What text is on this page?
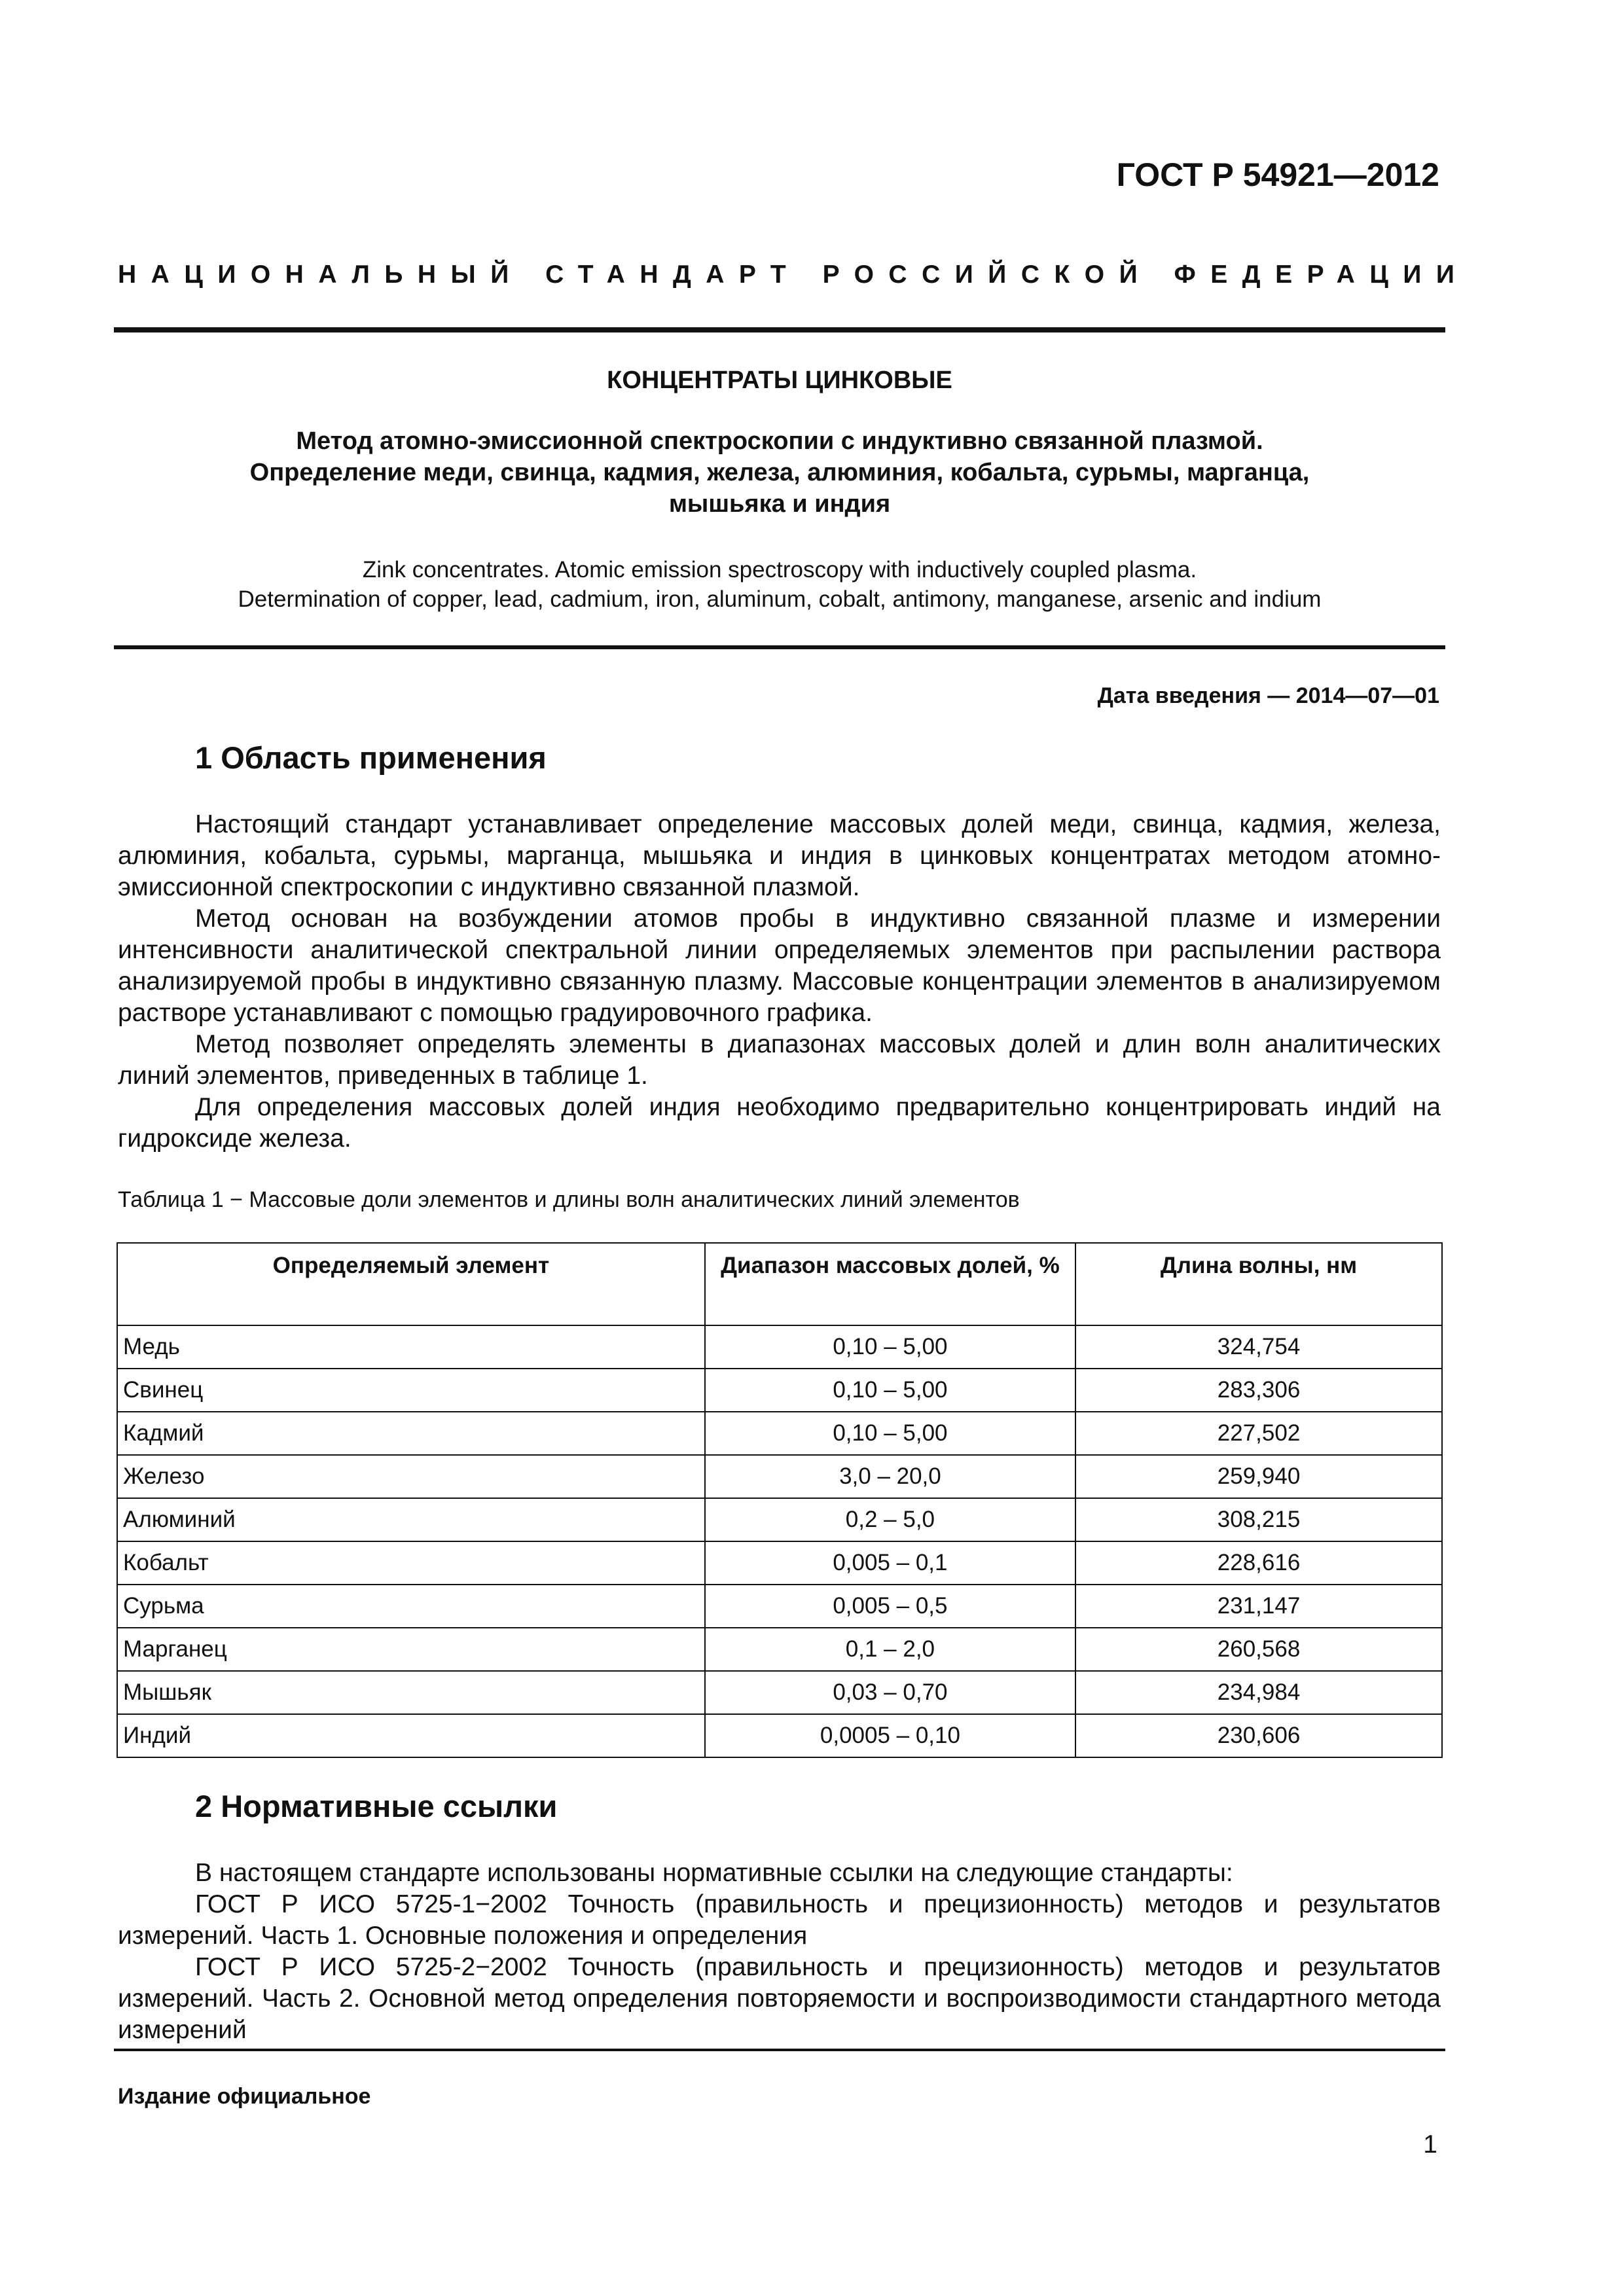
ГОСТ Р 54921—2012
НАЦИОНАЛЬНЫЙ СТАНДАРТ РОССИЙСКОЙ ФЕДЕРАЦИИ
КОНЦЕНТРАТЫ ЦИНКОВЫЕ
Метод атомно-эмиссионной спектроскопии с индуктивно связанной плазмой.
Определение меди, свинца, кадмия, железа, алюминия, кобальта, сурьмы, марганца,
мышьяка и индия
Zink concentrates. Atomic emission spectroscopy with inductively coupled plasma.
Determination of copper, lead, cadmium, iron, aluminum, cobalt, antimony, manganese, arsenic and indium
Дата введения — 2014—07—01
1 Область применения

Настоящий стандарт устанавливает определение массовых долей меди, свинца, кадмия, железа, алюминия, кобальта, сурьмы, марганца, мышьяка и индия в цинковых концентратах методом атомно-эмиссионной спектроскопии с индуктивно связанной плазмой.

Метод основан на возбуждении атомов пробы в индуктивно связанной плазме и измерении интенсивности аналитической спектральной линии определяемых элементов при распылении раствора анализируемой пробы в индуктивно связанную плазму. Массовые концентрации элементов в анализируемом растворе устанавливают с помощью градуировочного графика.

Метод позволяет определять элементы в диапазонах массовых долей и длин волн аналитических линий элементов, приведенных в таблице 1.

Для определения массовых долей индия необходимо предварительно концентрировать индий на гидроксиде железа.

Таблица 1 − Массовые доли элементов и длины волн аналитических линий элементов
Определяемый элемент	Диапазон массовых долей, %	Длина волны, нм
Медь	0,10 – 5,00	324,754
Свинец	0,10 – 5,00	283,306
Кадмий	0,10 – 5,00	227,502
Железо	3,0 – 20,0	259,940
Алюминий	0,2 – 5,0	308,215
Кобальт	0,005 – 0,1	228,616
Сурьма	0,005 – 0,5	231,147
Марганец	0,1 – 2,0	260,568
Мышьяк	0,03 – 0,70	234,984
Индий	0,0005 – 0,10	230,606
2 Нормативные ссылки

В настоящем стандарте использованы нормативные ссылки на следующие стандарты:

ГОСТ Р ИСО 5725-1−2002 Точность (правильность и прецизионность) методов и результатов измерений. Часть 1. Основные положения и определения

ГОСТ Р ИСО 5725-2−2002 Точность (правильность и прецизионность) методов и результатов измерений. Часть 2. Основной метод определения повторяемости и воспроизводимости стандартного метода измерений

Издание официальное
1
